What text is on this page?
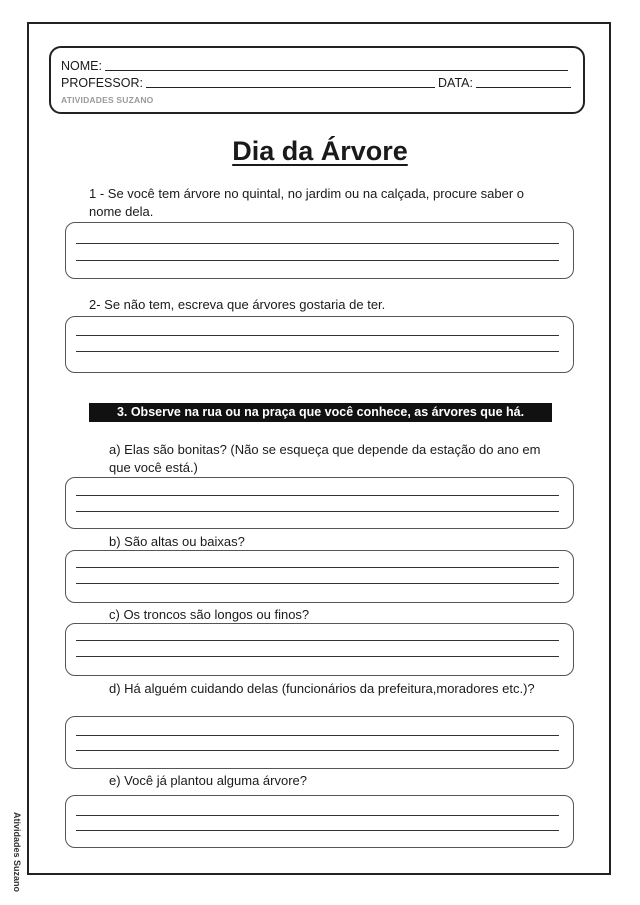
NOME:
PROFESSOR:	DATA:
ATIVIDADES SUZANO
Dia da Árvore
1 - Se você tem árvore no quintal, no jardim ou na calçada, procure saber o nome dela.
2- Se não tem, escreva que árvores gostaria de ter.
3. Observe na rua ou na praça que você conhece, as árvores que há.
a) Elas são bonitas? (Não se esqueça que depende da estação do ano em que você está.)
b) São altas ou baixas?
c) Os troncos são longos ou finos?
d) Há alguém cuidando delas (funcionários da prefeitura,moradores etc.)?
e) Você já plantou alguma árvore?
Atividades Suzano
